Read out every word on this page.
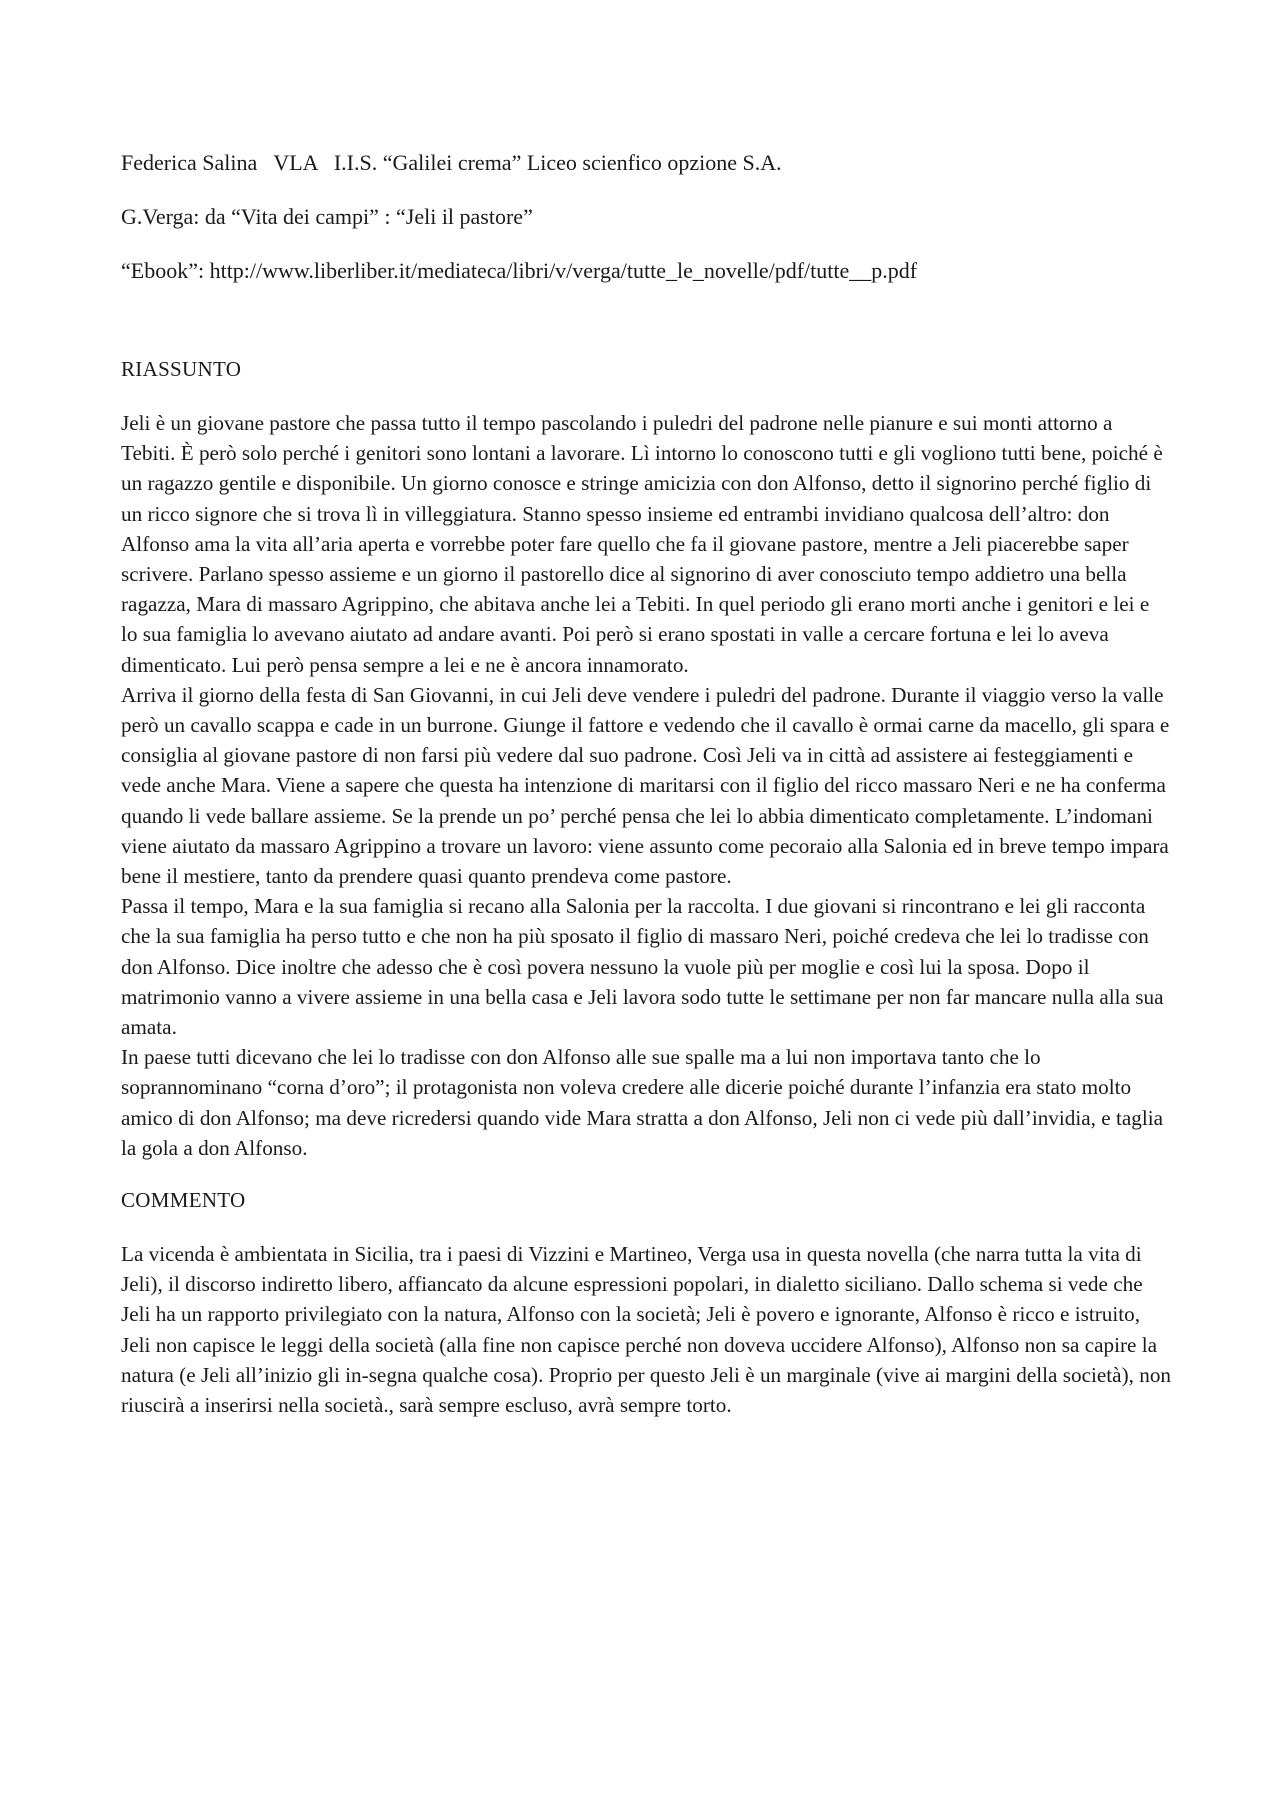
Federica Salina   VLA   I.I.S. “Galilei crema” Liceo scienfico opzione S.A.

G.Verga: da “Vita dei campi” : “Jeli il pastore”

“Ebook”: http://www.liberliber.it/mediateca/libri/v/verga/tutte_le_novelle/pdf/tutte__p.pdf

RIASSUNTO

Jeli è un giovane pastore che passa tutto il tempo pascolando i puledri del padrone nelle pianure e sui monti attorno a Tebiti. È però solo perché i genitori sono lontani a lavorare. Lì intorno lo conoscono tutti e gli vogliono tutti bene, poiché è un ragazzo gentile e disponibile. Un giorno conosce e stringe amicizia con don Alfonso, detto il signorino perché figlio di un ricco signore che si trova lì in villeggiatura. Stanno spesso insieme ed entrambi invidiano qualcosa dell’altro: don Alfonso ama la vita all’aria aperta e vorrebbe poter fare quello che fa il giovane pastore, mentre a Jeli piacerebbe saper scrivere. Parlano spesso assieme e un giorno il pastorello dice al signorino di aver conosciuto tempo addietro una bella ragazza, Mara di massaro Agrippino, che abitava anche lei a Tebiti. In quel periodo gli erano morti anche i genitori e lei e lo sua famiglia lo avevano aiutato ad andare avanti. Poi però si erano spostati in valle a cercare fortuna e lei lo aveva dimenticato. Lui però pensa sempre a lei e ne è ancora innamorato.

Arriva il giorno della festa di San Giovanni, in cui Jeli deve vendere i puledri del padrone. Durante il viaggio verso la valle però un cavallo scappa e cade in un burrone. Giunge il fattore e vedendo che il cavallo è ormai carne da macello, gli spara e consiglia al giovane pastore di non farsi più vedere dal suo padrone. Così Jeli va in città ad assistere ai festeggiamenti e vede anche Mara. Viene a sapere che questa ha intenzione di maritarsi con il figlio del ricco massaro Neri e ne ha conferma quando li vede ballare assieme. Se la prende un po’ perché pensa che lei lo abbia dimenticato completamente. L’indomani viene aiutato da massaro Agrippino a trovare un lavoro: viene assunto come pecoraio alla Salonia ed in breve tempo impara bene il mestiere, tanto da prendere quasi quanto prendeva come pastore.

Passa il tempo, Mara e la sua famiglia si recano alla Salonia per la raccolta. I due giovani si rincontrano e lei gli racconta che la sua famiglia ha perso tutto e che non ha più sposato il figlio di massaro Neri, poiché credeva che lei lo tradisse con don Alfonso. Dice inoltre che adesso che è così povera nessuno la vuole più per moglie e così lui la sposa. Dopo il matrimonio vanno a vivere assieme in una bella casa e Jeli lavora sodo tutte le settimane per non far mancare nulla alla sua amata.

In paese tutti dicevano che lei lo tradisse con don Alfonso alle sue spalle ma a lui non importava tanto che lo soprannominano “corna d’oro”; il protagonista non voleva credere alle dicerie poiché durante l’infanzia era stato molto amico di don Alfonso; ma deve ricredersi quando vide Mara stratta a don Alfonso, Jeli non ci vede più dall’invidia, e taglia la gola a don Alfonso.

COMMENTO

La vicenda è ambientata in Sicilia, tra i paesi di Vizzini e Martineo, Verga usa in questa novella (che narra tutta la vita di Jeli), il discorso indiretto libero, affiancato da alcune espressioni popolari, in dialetto siciliano. Dallo schema si vede che Jeli ha un rapporto privilegiato con la natura, Alfonso con la società; Jeli è povero e ignorante, Alfonso è ricco e istruito, Jeli non capisce le leggi della società (alla fine non capisce perché non doveva uccidere Alfonso), Alfonso non sa capire la natura (e Jeli all’inizio gli in-segna qualche cosa). Proprio per questo Jeli è un marginale (vive ai margini della società), non riuscirà a inserirsi nella società., sarà sempre escluso, avrà sempre torto.
